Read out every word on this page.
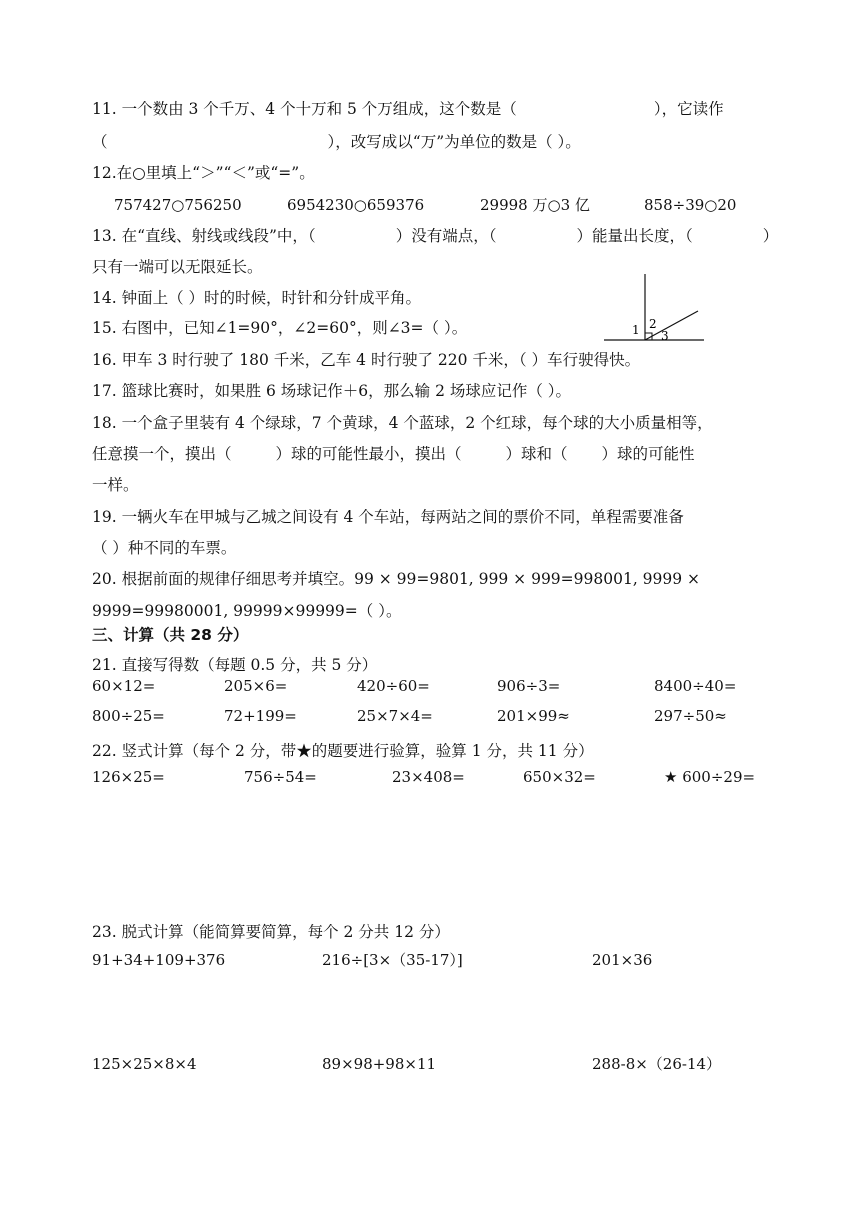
11. 一个数由 3 个千万、4 个十万和 5 个万组成，这个数是（	），它读作
（	），改写成以“万”为单位的数是（ ）。
12.在○里填上“＞”“＜”或“=”。
757427○756250	6954230○659376	29998 万○3 亿	858÷39○20
13. 在“直线、射线或线段”中，（	）没有端点，（	）能量出长度，（	）
只有一端可以无限延长。
14. 钟面上（ ）时的时候，时针和分针成平角。
15. 右图中，已知∠1=90°，∠2=60°，则∠3=（ ）。	1 2
3
16. 甲车 3 时行驶了 180 千米，乙车 4 时行驶了 220 千米，（ ）车行驶得快。
17. 篮球比赛时，如果胜 6 场球记作＋6，那么输 2 场球应记作（ ）。
18. 一个盒子里装有 4 个绿球，7 个黄球，4 个蓝球，2 个红球，每个球的大小质量相等，
任意摸一个，摸出（	）球的可能性最小，摸出（	）球和（ ）球的可能性
一样。
19. 一辆火车在甲城与乙城之间设有 4 个车站，每两站之间的票价不同，单程需要准备
（ ）种不同的车票。
20. 根据前面的规律仔细思考并填空。99 × 99=9801, 999 × 999=998001, 9999 ×
9999=99980001, 99999×99999=（ ）。
三、计算（共 28 分）
21. 直接写得数（每题 0.5 分，共 5 分）
60×12=	205×6=	420÷60=	906÷3=	8400÷40=
800÷25=	72+199=	25×7×4=	201×99≈	297÷50≈
22. 竖式计算（每个 2 分，带★的题要进行验算，验算 1 分，共 11 分）
126×25=	756÷54=	23×408=	650×32=	★ 600÷29=
23. 脱式计算（能简算要简算，每个 2 分共 12 分）
91+34+109+376	216÷[3×（35-17）]	201×36
125×25×8×4	89×98+98×11	288-8×（26-14）
